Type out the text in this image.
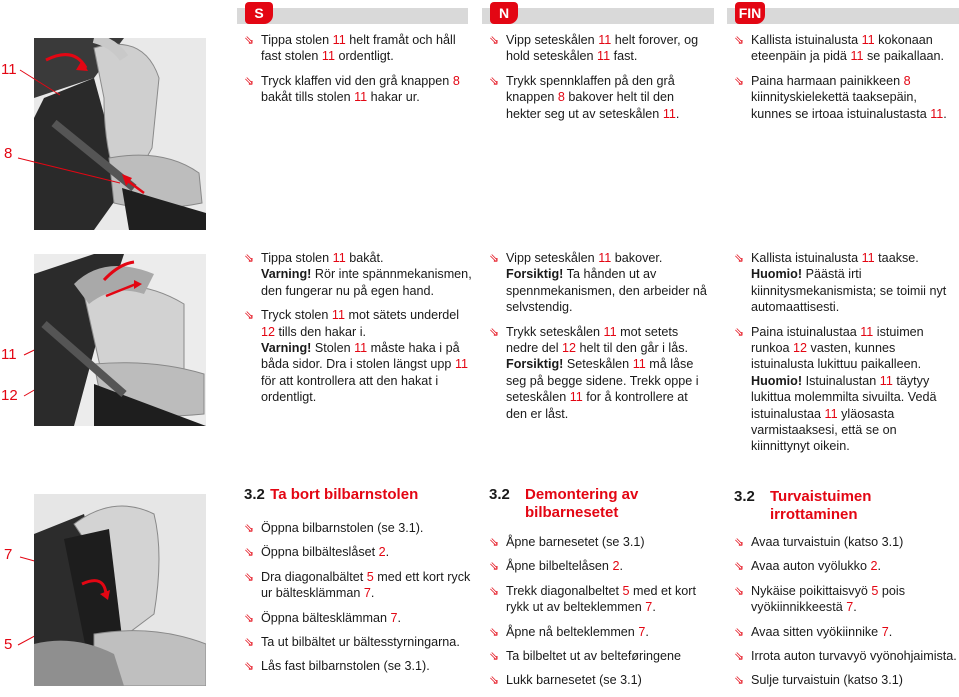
S	N	FIN
11
8

⇘ Tippa stolen 11 helt framåt och håll fast stolen 11 ordentligt.

⇘ Tryck klaffen vid den grå knappen 8 bakåt tills stolen 11 hakar ur.

⇘ Vipp seteskålen 11 helt forover, og hold seteskålen 11 fast.

⇘ Trykk spennklaffen på den grå knappen 8 bakover helt til den hekter seg ut av seteskålen 11.

⇘ Kallista istuinalusta 11 kokonaan eteenpäin ja pidä 11 se paikallaan.

⇘ Paina harmaan painikkeen 8 kiinnityskielekettä taaksepäin, kunnes se irtoaa istuinalustasta 11.

11
12

⇘ Tippa stolen 11 bakåt.
Varning! Rör inte spännmekanismen, den fungerar nu på egen hand.

⇘ Tryck stolen 11 mot sätets underdel 12 tills den hakar i.
Varning! Stolen 11 måste haka i på båda sidor. Dra i stolen längst upp 11 för att kontrollera att den hakat i ordentligt.

⇘ Vipp seteskålen 11 bakover.
Forsiktig! Ta hånden ut av spennmekanismen, den arbeider nå selvstendig.

⇘ Trykk seteskålen 11 mot setets nedre del 12 helt til den går i lås.
Forsiktig! Seteskålen 11 må låse seg på begge sidene. Trekk oppe i seteskålen 11 for å kontrollere at den er låst.

⇘ Kallista istuinalusta 11 taakse.
Huomio! Päästä irti kiinnitysmekanismista; se toimii nyt automaattisesti.

⇘ Paina istuinalustaa 11 istuimen runkoa 12 vasten, kunnes istuinalusta lukittuu paikalleen.
Huomio! Istuinalustan 11 täytyy lukittua molemmilta sivuilta. Vedä istuinalustaa 11 yläosasta varmistaaksesi, että se on kiinnittynyt oikein.

7
5
3.2 Ta bort bilbarnstolen
⇘ Öppna bilbarnstolen (se 3.1).
⇘ Öppna bilbälteslåset 2.
⇘ Dra diagonalbältet 5 med ett kort ryck ur bältesklämman 7.
⇘ Öppna bältesklämman 7.
⇘ Ta ut bilbältet ur bältesstyrningarna.
⇘ Lås fast bilbarnstolen (se 3.1).
3.2 Demontering av
bilbarnesetet
⇘ Åpne barnesetet (se 3.1)
⇘ Åpne bilbeltelåsen 2.
⇘ Trekk diagonalbeltet 5 med et kort rykk ut av belteklemmen 7.
⇘ Åpne nå belteklemmen 7.
⇘ Ta bilbeltet ut av belteføringene
⇘ Lukk barnesetet (se 3.1)
3.2 Turvaistuimen
irrottaminen
⇘ Avaa turvaistuin (katso 3.1)
⇘ Avaa auton vyölukko 2.
⇘ Nykäise poikittaisvyö 5 pois vyökiinnikkeestä 7.
⇘ Avaa sitten vyökiinnike 7.
⇘ Irrota auton turvavyö vyönohjaimista.
⇘ Sulje turvaistuin (katso 3.1)
